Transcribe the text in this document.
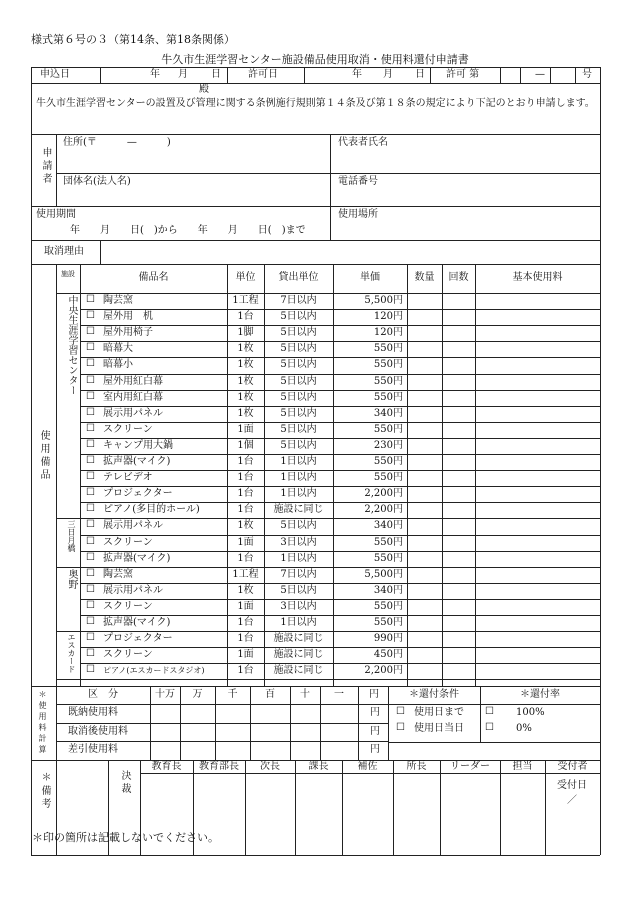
様式第６号の３（第14条、第18条関係）
牛久市生涯学習センター施設備品使用取消・使用料還付申請書
申込日	年 月 日	許可日	年 月 日 許可 第	—	号
殿
牛久市生涯学習センターの設置及び管理に関する条例施行規則第１４条及び第１８条の規定により下記のとおり申請します。
申請者
住所(〒　　　—　　　)	代表者氏名
団体名(法人名)	電話番号
使用期間
年　　月　　日(　)から　　年　　月　　日(　)まで
使用場所
取消理由
施設	備品名	単位	貸出単位	単価	数量	回数	基本使用料
使用備品
中央生涯学習センター ☐ 陶芸窯	1工程	7日以内	5,500円
☐ 屋外用　机	1台	5日以内	120円
☐ 屋外用椅子	1脚	5日以内	120円
☐ 暗幕大	1枚	5日以内	550円
☐ 暗幕小	1枚	5日以内	550円
☐ 屋外用紅白幕	1枚	5日以内	550円
☐ 室内用紅白幕	1枚	5日以内	550円
☐ 展示用パネル	1枚	5日以内	340円
☐ スクリーン	1面	5日以内	550円
☐ キャンプ用大鍋	1個	5日以内	230円
☐ 拡声器(マイク)	1台	1日以内	550円
☐ テレビデオ	1台	1日以内	550円
☐ プロジェクター	1台	1日以内	2,200円
☐ ピアノ(多目的ホール)	1台	施設に同じ	2,200円
三日月橋 ☐ 展示用パネル	1枚	5日以内	340円
☐ スクリーン	1面	3日以内	550円
☐ 拡声器(マイク)	1台	1日以内	550円
奥野 ☐ 陶芸窯	1工程	7日以内	5,500円
☐ 展示用パネル	1枚	5日以内	340円
☐ スクリーン	1面	3日以内	550円
☐ 拡声器(マイク)	1台	1日以内	550円
エスカード ☐ プロジェクター	1台	施設に同じ	990円
☐ スクリーン	1面	施設に同じ	450円
☐ ピアノ(エスカードスタジオ)	1台	施設に同じ	2,200円
＊使用料計算	区　分	十万	万	千	百	十	一	円
既納使用料	円
取消後使用料	円
差引使用料	円
＊還付条件	＊還付率
☐ 使用日まで ☐ 100%
☐ 使用日当日 ☐ 0%
＊備考	決裁
教育長	教育部長	次長	課長	補佐	所長	リーダー	担当	受付者
受付日
／
＊印の箇所は記載しないでください。
